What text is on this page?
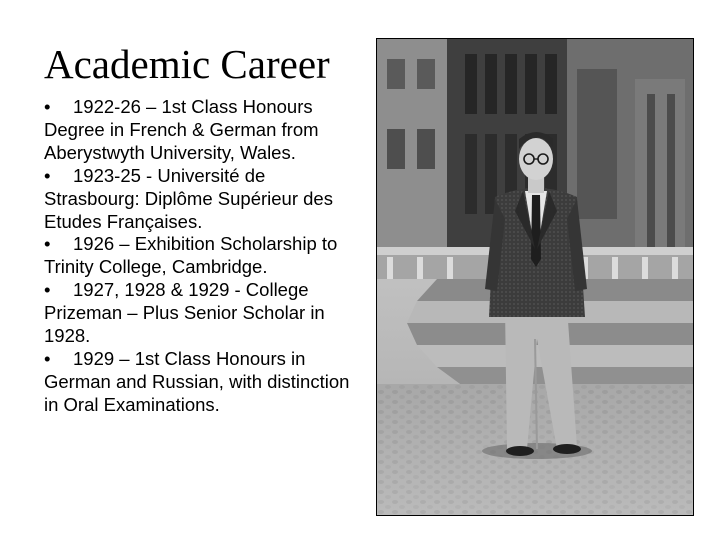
Academic Career
• 1922-26 – 1st Class Honours Degree in French & German from Aberystwyth University, Wales.
• 1923-25 - Université de Strasbourg: Diplôme Supérieur des Etudes Françaises.
• 1926 – Exhibition Scholarship to Trinity College, Cambridge.
• 1927, 1928 & 1929 - College Prizeman – Plus Senior Scholar in 1928.
• 1929 – 1st Class Honours in German and Russian, with distinction in Oral Examinations.
